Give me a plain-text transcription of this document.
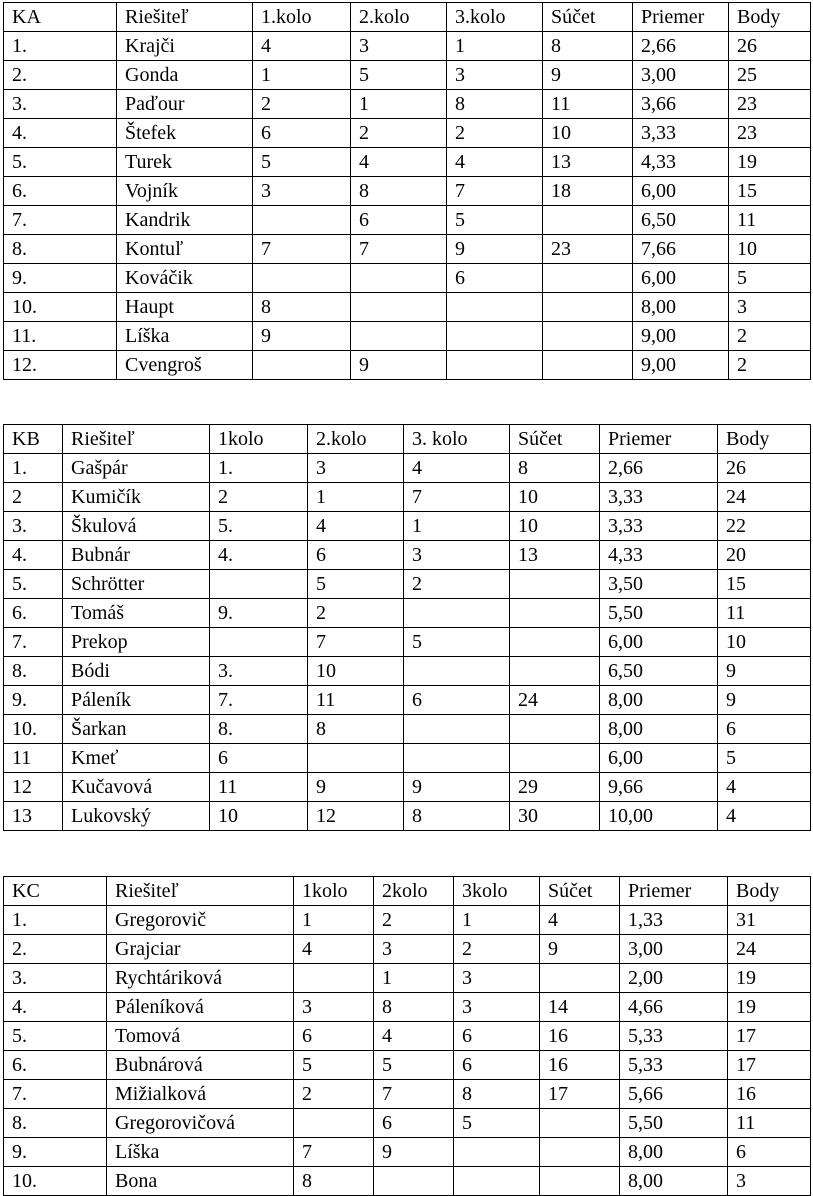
KA	Riešiteľ	1.kolo	2.kolo	3.kolo	Súčet	Priemer	Body
1.	Krajči	4	3	1	8	2,66	26
2.	Gonda	1	5	3	9	3,00	25
3.	Paďour	2	1	8	11	3,66	23
4.	Štefek	6	2	2	10	3,33	23
5.	Turek	5	4	4	13	4,33	19
6.	Vojník	3	8	7	18	6,00	15
7.	Kandrik		6	5		6,50	11
8.	Kontuľ	7	7	9	23	7,66	10
9.	Kováčik			6		6,00	5
10.	Haupt	8				8,00	3
11.	Líška	9				9,00	2
12.	Cvengroš		9			9,00	2
KB	Riešiteľ	1kolo	2.kolo	3. kolo	Súčet	Priemer	Body
1.	Gašpár	1.	3	4	8	2,66	26
2	Kumičík	2	1	7	10	3,33	24
3.	Škulová	5.	4	1	10	3,33	22
4.	Bubnár	4.	6	3	13	4,33	20
5.	Schrötter		5	2		3,50	15
6.	Tomáš	9.	2			5,50	11
7.	Prekop		7	5		6,00	10
8.	Bódi	3.	10			6,50	9
9.	Páleník	7.	11	6	24	8,00	9
10.	Šarkan	8.	8			8,00	6
11	Kmeť	6				6,00	5
12	Kučavová	11	9	9	29	9,66	4
13	Lukovský	10	12	8	30	10,00	4
KC	Riešiteľ	1kolo	2kolo	3kolo	Súčet	Priemer	Body
1.	Gregorovič	1	2	1	4	1,33	31
2.	Grajciar	4	3	2	9	3,00	24
3.	Rychtáriková		1	3		2,00	19
4.	Páleníková	3	8	3	14	4,66	19
5.	Tomová	6	4	6	16	5,33	17
6.	Bubnárová	5	5	6	16	5,33	17
7.	Mižialková	2	7	8	17	5,66	16
8.	Gregorovičová		6	5		5,50	11
9.	Líška	7	9			8,00	6
10.	Bona	8				8,00	3
